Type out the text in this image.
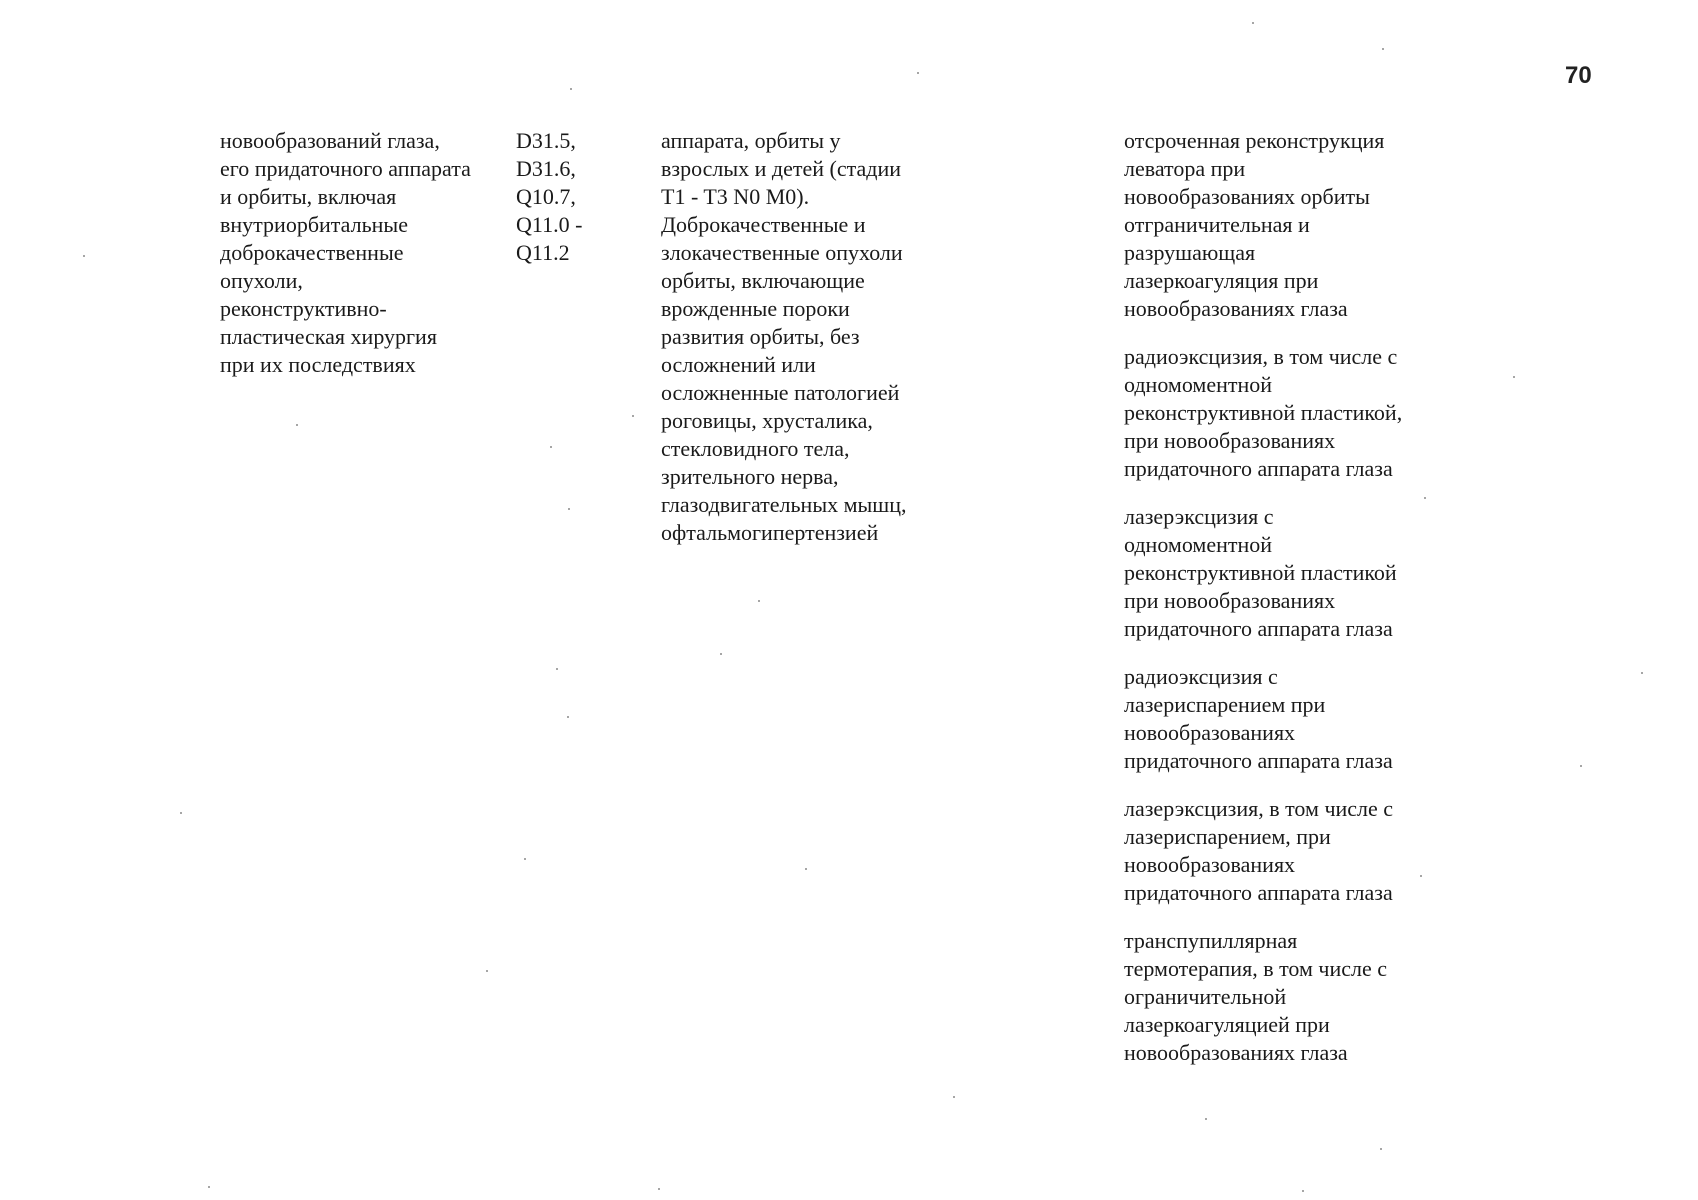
70
новообразований глаза,
его придаточного аппарата
и орбиты, включая
внутриорбитальные
доброкачественные
опухоли,
реконструктивно-
пластическая хирургия
при их последствиях
D31.5,
D31.6,
Q10.7,
Q11.0 -
Q11.2
аппарата, орбиты у
взрослых и детей (стадии
T1 - T3 N0 M0).
Доброкачественные и
злокачественные опухоли
орбиты, включающие
врожденные пороки
развития орбиты, без
осложнений или
осложненные патологией
роговицы, хрусталика,
стекловидного тела,
зрительного нерва,
глазодвигательных мышц,
офтальмогипертензией
отсроченная реконструкция
леватора при
новообразованиях орбиты
отграничительная и
разрушающая
лазеркоагуляция при
новообразованиях глаза
радиоэксцизия, в том числе с
одномоментной
реконструктивной пластикой,
при новообразованиях
придаточного аппарата глаза
лазерэксцизия с
одномоментной
реконструктивной пластикой
при новообразованиях
придаточного аппарата глаза
радиоэксцизия с
лазериспарением при
новообразованиях
придаточного аппарата глаза
лазерэксцизия, в том числе с
лазериспарением, при
новообразованиях
придаточного аппарата глаза
транспупиллярная
термотерапия, в том числе с
ограничительной
лазеркоагуляцией при
новообразованиях глаза
